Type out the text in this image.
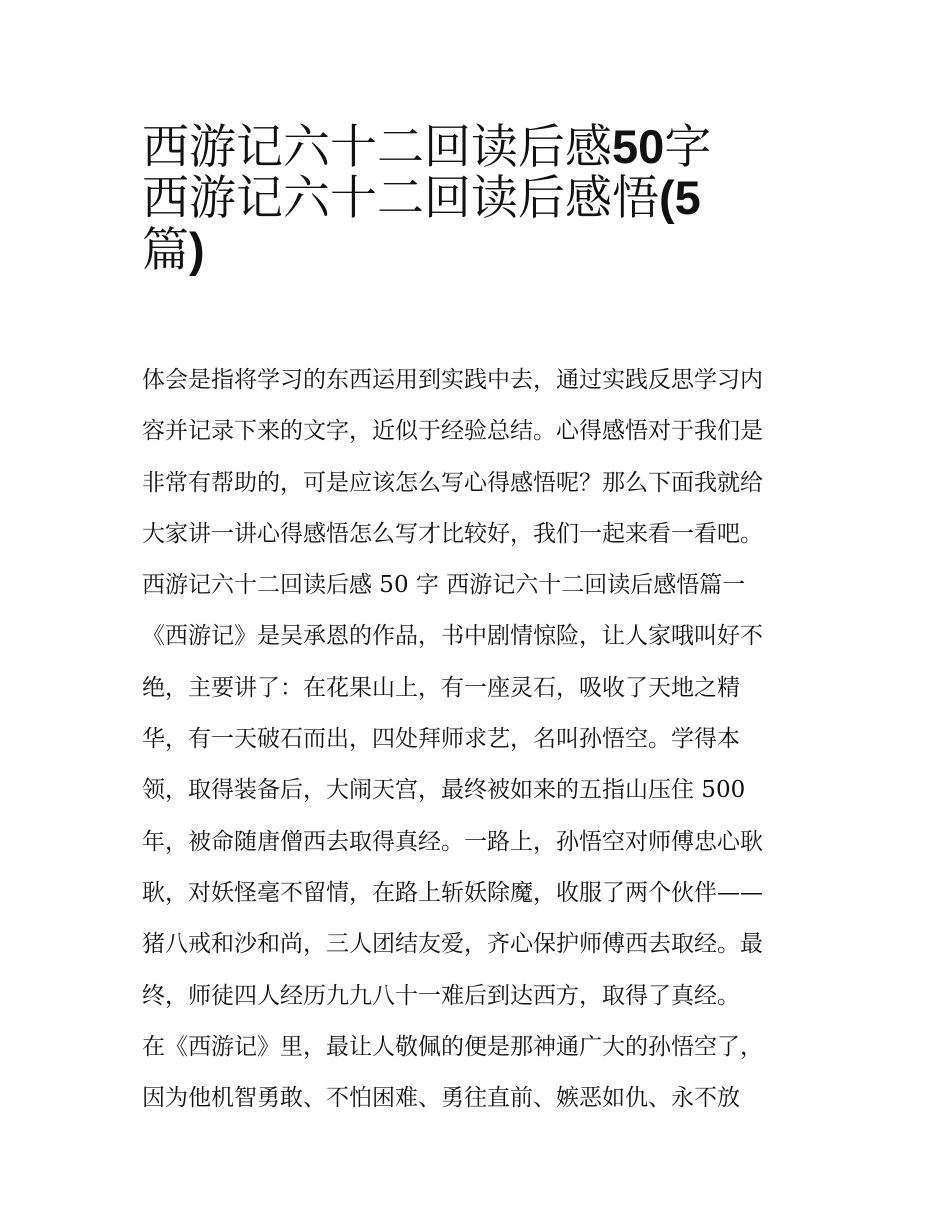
西游记六十二回读后感50字
西游记六十二回读后感悟(5
篇)
体会是指将学习的东西运用到实践中去，通过实践反思学习内
容并记录下来的文字，近似于经验总结。心得感悟对于我们是
非常有帮助的，可是应该怎么写心得感悟呢？那么下面我就给
大家讲一讲心得感悟怎么写才比较好，我们一起来看一看吧。
西游记六十二回读后感 50 字 西游记六十二回读后感悟篇一
《西游记》是吴承恩的作品，书中剧情惊险，让人家哦叫好不
绝，主要讲了：在花果山上，有一座灵石，吸收了天地之精
华，有一天破石而出，四处拜师求艺，名叫孙悟空。学得本
领，取得装备后，大闹天宫，最终被如来的五指山压住 500
年，被命随唐僧西去取得真经。一路上，孙悟空对师傅忠心耿
耿，对妖怪毫不留情，在路上斩妖除魔，收服了两个伙伴——
猪八戒和沙和尚，三人团结友爱，齐心保护师傅西去取经。最
终，师徒四人经历九九八十一难后到达西方，取得了真经。
在《西游记》里，最让人敬佩的便是那神通广大的孙悟空了，
因为他机智勇敢、不怕困难、勇往直前、嫉恶如仇、永不放
